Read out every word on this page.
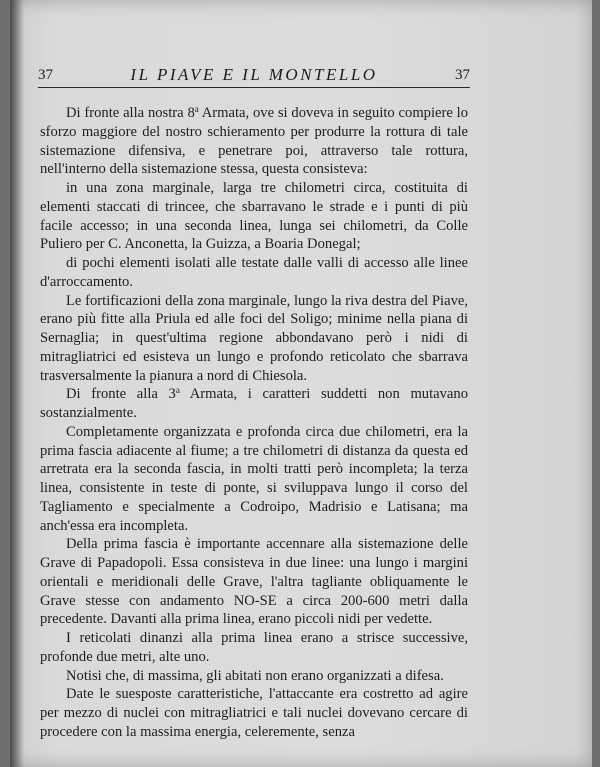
37	IL PIAVE E IL MONTELLO	37

Di fronte alla nostra 8$^a$ Armata, ove si doveva in seguito compiere lo sforzo maggiore del nostro schieramento per produrre la rottura di tale sistemazione difensiva, e penetrare poi, attraverso tale rottura, nell'interno della sistemazione stessa, questa consisteva:

in una zona marginale, larga tre chilometri circa, costituita di elementi staccati di trincee, che sbarravano le strade e i punti di più facile accesso; in una seconda linea, lunga sei chilometri, da Colle Puliero per C. Anconetta, la Guizza, a Boaria Donegal;

di pochi elementi isolati alle testate dalle valli di accesso alle linee d'arroccamento.

Le fortificazioni della zona marginale, lungo la riva destra del Piave, erano più fitte alla Priula ed alle foci del Soligo; minime nella piana di Sernaglia; in quest'ultima regione abbondavano però i nidi di mitragliatrici ed esisteva un lungo e profondo reticolato che sbarrava trasversalmente la pianura a nord di Chiesola.

Di fronte alla 3$^a$ Armata, i caratteri suddetti non mutavano sostanzialmente.

Completamente organizzata e profonda circa due chilometri, era la prima fascia adiacente al fiume; a tre chilometri di distanza da questa ed arretrata era la seconda fascia, in molti tratti però incompleta; la terza linea, consistente in teste di ponte, si sviluppava lungo il corso del Tagliamento e specialmente a Codroipo, Madrisio e Latisana; ma anch'essa era incompleta.

Della prima fascia è importante accennare alla sistemazione delle Grave di Papadopoli. Essa consisteva in due linee: una lungo i margini orientali e meridionali delle Grave, l'altra tagliante obliquamente le Grave stesse con andamento NO-SE a circa 200-600 metri dalla precedente. Davanti alla prima linea, erano piccoli nidi per vedette.

I reticolati dinanzi alla prima linea erano a strisce successive, profonde due metri, alte uno.

Notisi che, di massima, gli abitati non erano organizzati a difesa.

Date le suesposte caratteristiche, l'attaccante era costretto ad agire per mezzo di nuclei con mitragliatrici e tali nuclei dovevano cercare di procedere con la massima energia, celeremente, senza
